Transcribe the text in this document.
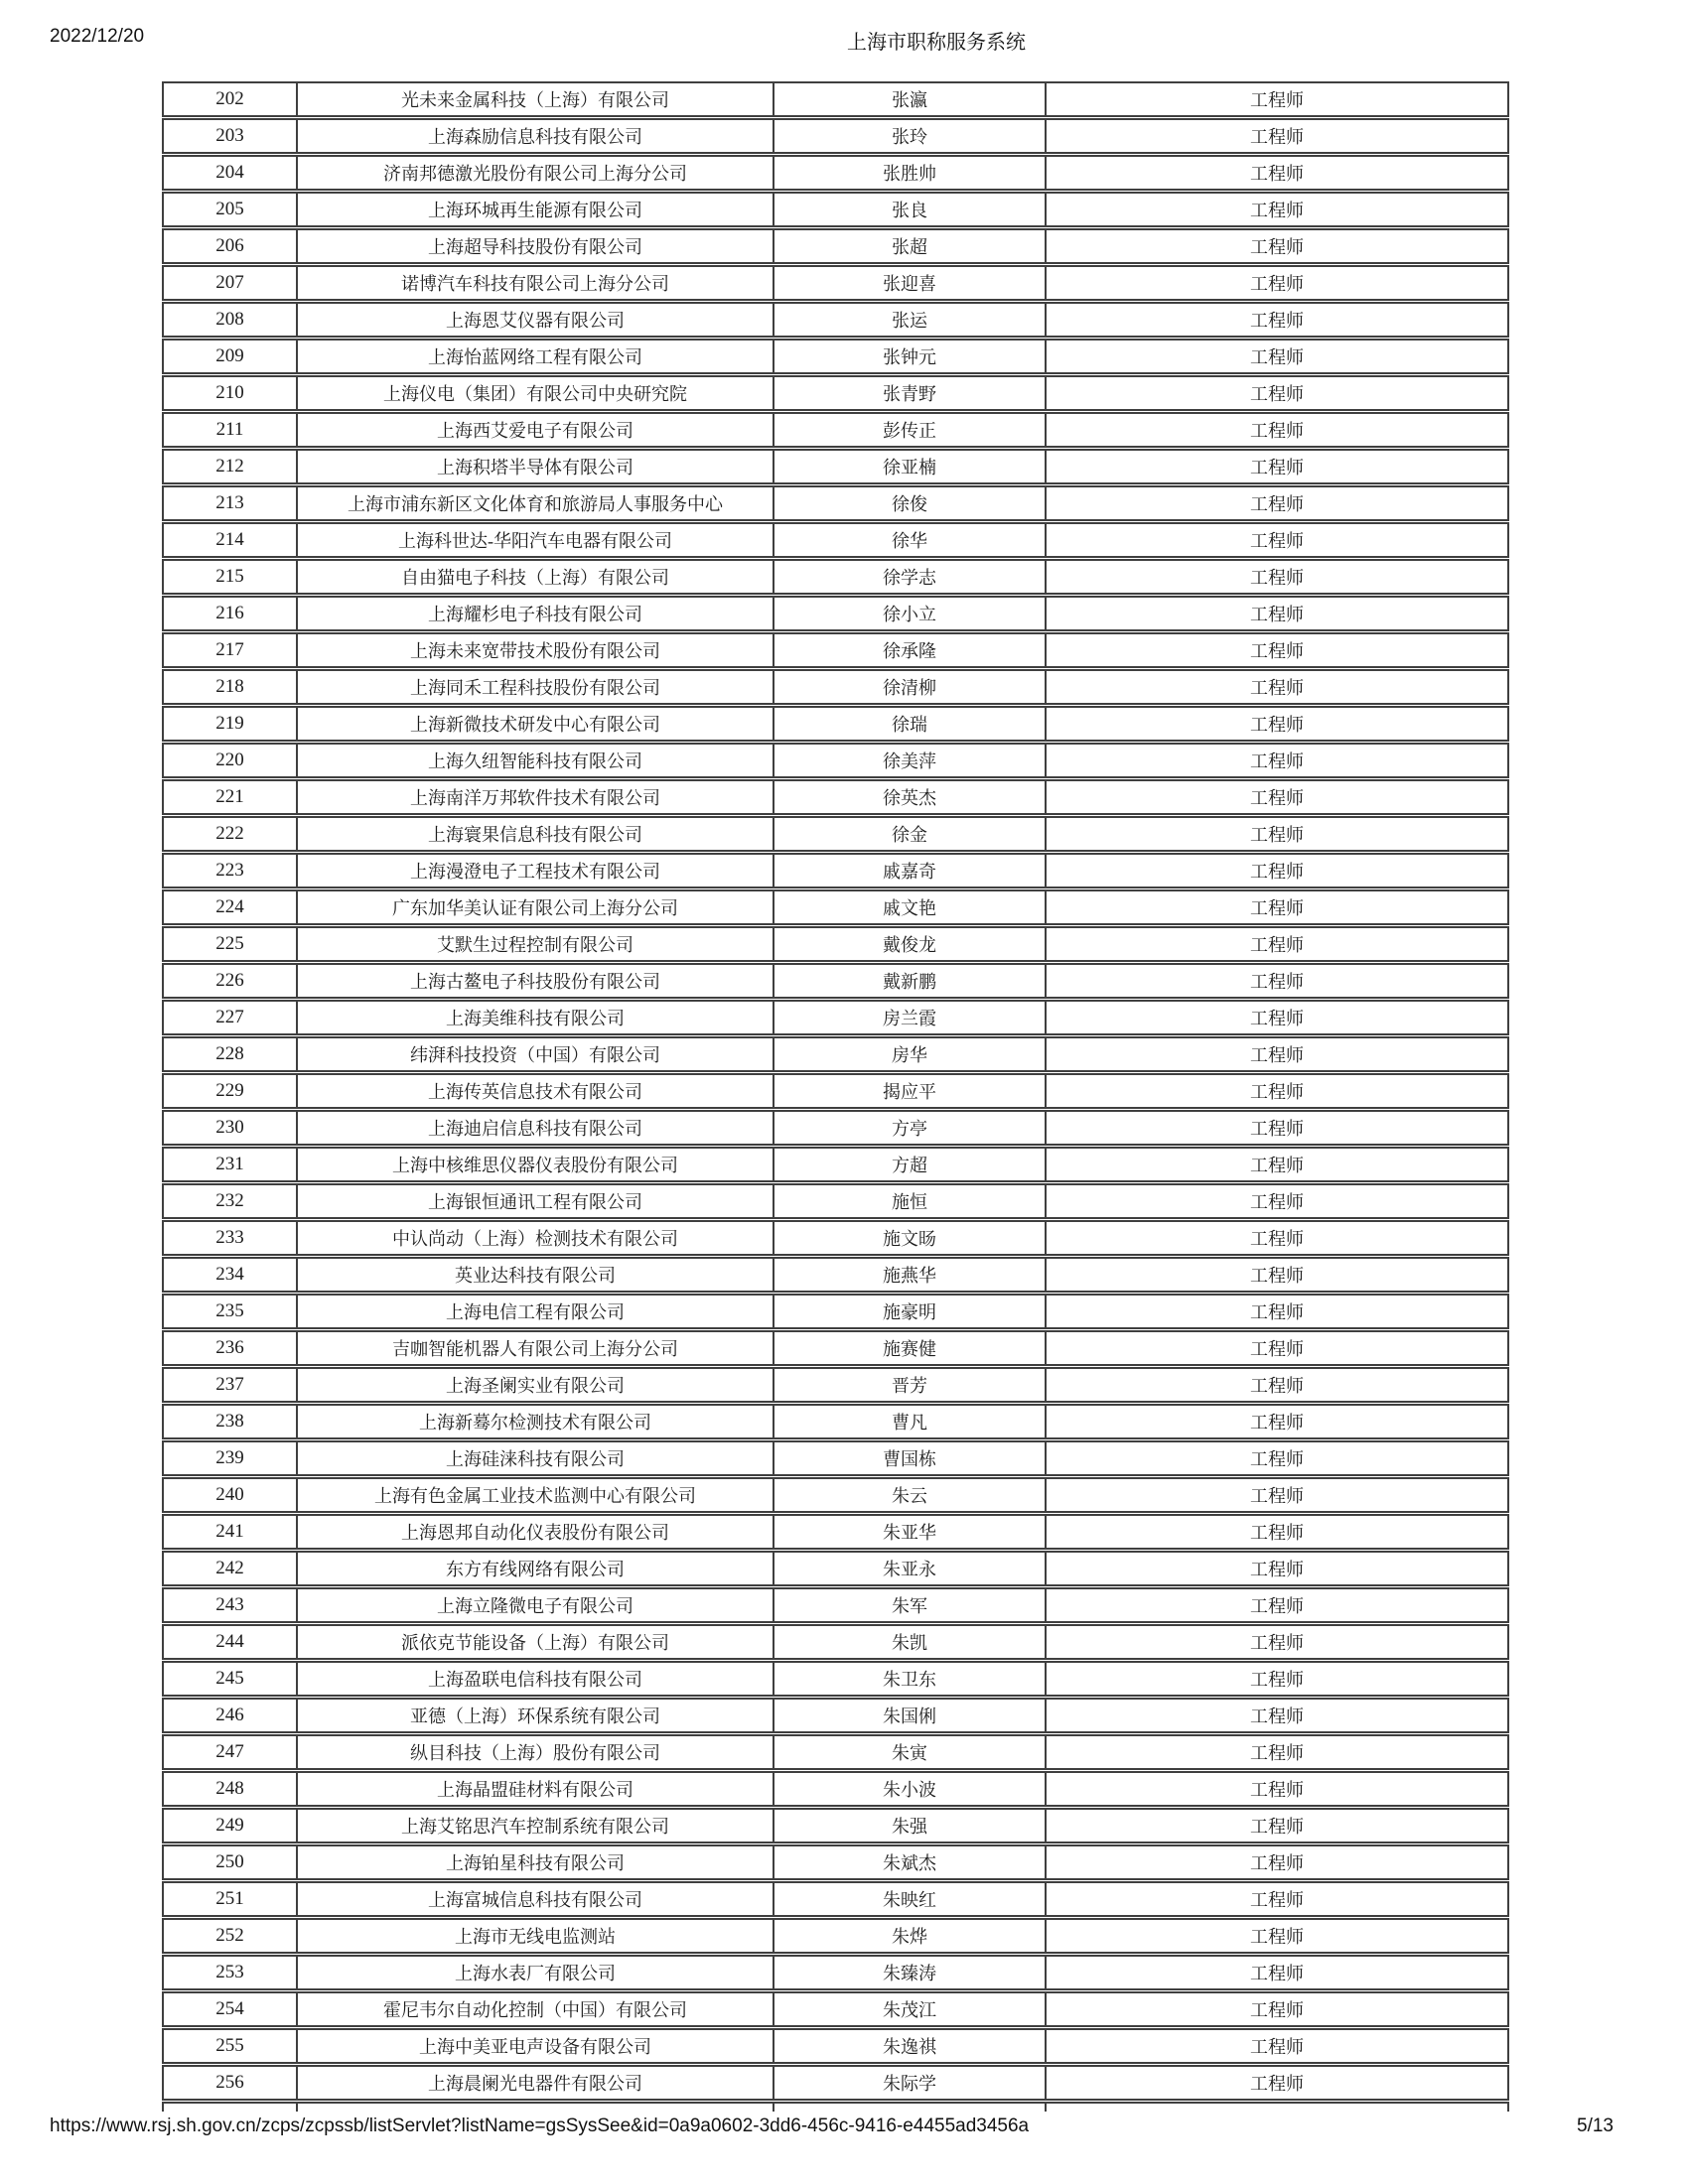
2022/12/20	上海市职称服务系统
202	光未来金属科技（上海）有限公司	张瀛	工程师
203	上海森励信息科技有限公司	张玲	工程师
204	济南邦德激光股份有限公司上海分公司	张胜帅	工程师
205	上海环城再生能源有限公司	张良	工程师
206	上海超导科技股份有限公司	张超	工程师
207	诺博汽车科技有限公司上海分公司	张迎喜	工程师
208	上海恩艾仪器有限公司	张运	工程师
209	上海怡蓝网络工程有限公司	张钟元	工程师
210	上海仪电（集团）有限公司中央研究院	张青野	工程师
211	上海西艾爱电子有限公司	彭传正	工程师
212	上海积塔半导体有限公司	徐亚楠	工程师
213	上海市浦东新区文化体育和旅游局人事服务中心	徐俊	工程师
214	上海科世达-华阳汽车电器有限公司	徐华	工程师
215	自由猫电子科技（上海）有限公司	徐学志	工程师
216	上海耀杉电子科技有限公司	徐小立	工程师
217	上海未来宽带技术股份有限公司	徐承隆	工程师
218	上海同禾工程科技股份有限公司	徐清柳	工程师
219	上海新微技术研发中心有限公司	徐瑞	工程师
220	上海久纽智能科技有限公司	徐美萍	工程师
221	上海南洋万邦软件技术有限公司	徐英杰	工程师
222	上海寰果信息科技有限公司	徐金	工程师
223	上海漫澄电子工程技术有限公司	戚嘉奇	工程师
224	广东加华美认证有限公司上海分公司	戚文艳	工程师
225	艾默生过程控制有限公司	戴俊龙	工程师
226	上海古鳌电子科技股份有限公司	戴新鹏	工程师
227	上海美维科技有限公司	房兰霞	工程师
228	纬湃科技投资（中国）有限公司	房华	工程师
229	上海传英信息技术有限公司	揭应平	工程师
230	上海迪启信息科技有限公司	方亭	工程师
231	上海中核维思仪器仪表股份有限公司	方超	工程师
232	上海银恒通讯工程有限公司	施恒	工程师
233	中认尚动（上海）检测技术有限公司	施文旸	工程师
234	英业达科技有限公司	施燕华	工程师
235	上海电信工程有限公司	施豪明	工程师
236	吉咖智能机器人有限公司上海分公司	施赛健	工程师
237	上海圣阑实业有限公司	晋芳	工程师
238	上海新蓦尔检测技术有限公司	曹凡	工程师
239	上海硅涞科技有限公司	曹国栋	工程师
240	上海有色金属工业技术监测中心有限公司	朱云	工程师
241	上海恩邦自动化仪表股份有限公司	朱亚华	工程师
242	东方有线网络有限公司	朱亚永	工程师
243	上海立隆微电子有限公司	朱军	工程师
244	派依克节能设备（上海）有限公司	朱凯	工程师
245	上海盈联电信科技有限公司	朱卫东	工程师
246	亚德（上海）环保系统有限公司	朱国俐	工程师
247	纵目科技（上海）股份有限公司	朱寅	工程师
248	上海晶盟硅材料有限公司	朱小波	工程师
249	上海艾铭思汽车控制系统有限公司	朱强	工程师
250	上海铂星科技有限公司	朱斌杰	工程师
251	上海富城信息科技有限公司	朱映红	工程师
252	上海市无线电监测站	朱烨	工程师
253	上海水表厂有限公司	朱臻涛	工程师
254	霍尼韦尔自动化控制（中国）有限公司	朱茂江	工程师
255	上海中美亚电声设备有限公司	朱逸祺	工程师
256	上海晨阑光电器件有限公司	朱际学	工程师
https://www.rsj.sh.gov.cn/zcps/zcpssb/listServlet?listName=gsSysSee&id=0a9a0602-3dd6-456c-9416-e4455ad3456a	5/13
